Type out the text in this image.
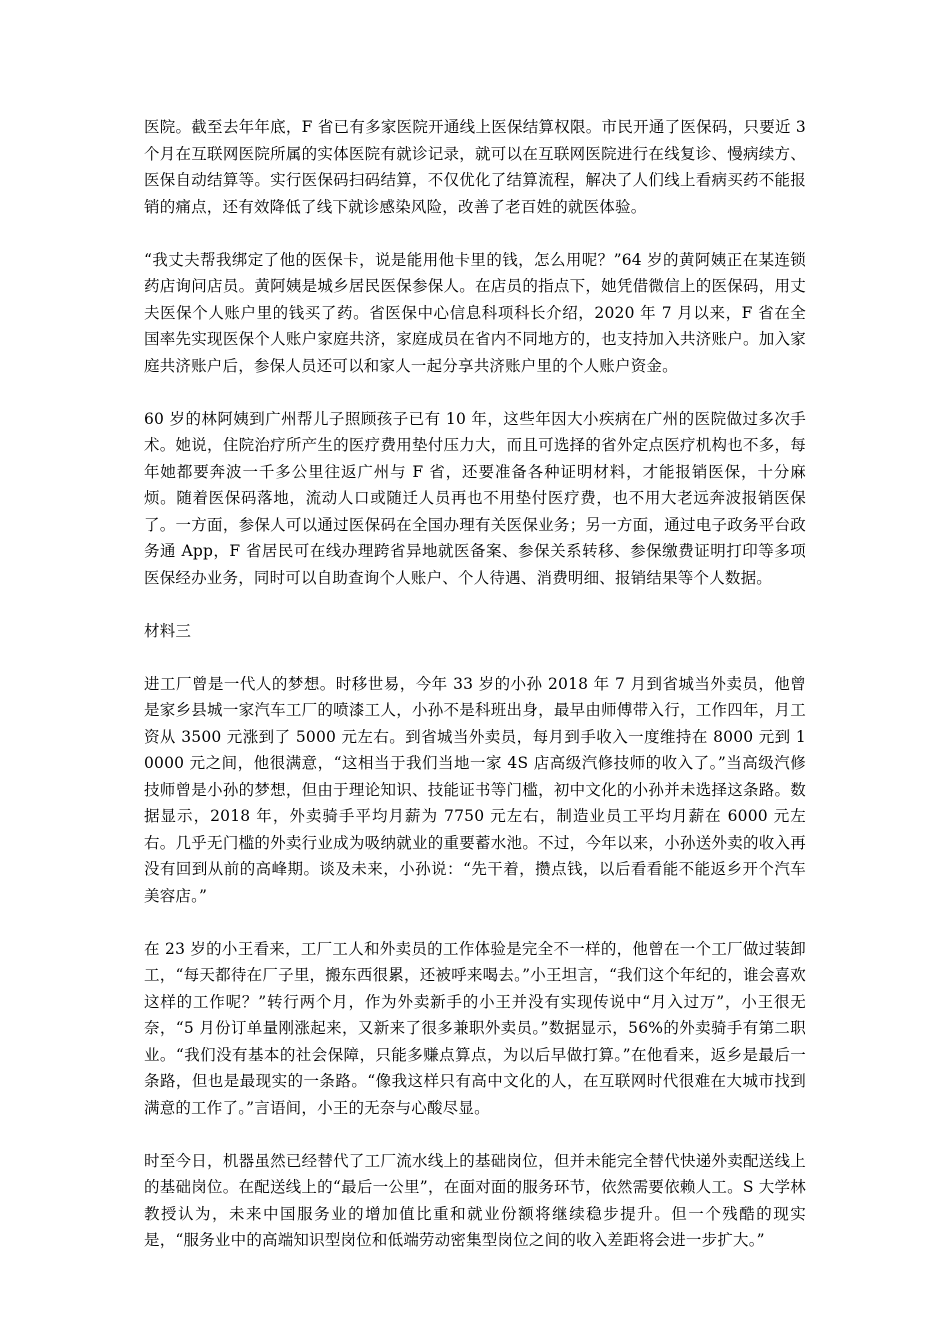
医院。截至去年年底，F 省已有多家医院开通线上医保结算权限。市民开通了医保码，只要近 3 个月在互联网医院所属的实体医院有就诊记录，就可以在互联网医院进行在线复诊、慢病续方、医保自动结算等。实行医保码扫码结算，不仅优化了结算流程，解决了人们线上看病买药不能报销的痛点，还有效降低了线下就诊感染风险，改善了老百姓的就医体验。

“我丈夫帮我绑定了他的医保卡，说是能用他卡里的钱，怎么用呢？”64 岁的黄阿姨正在某连锁药店询问店员。黄阿姨是城乡居民医保参保人。在店员的指点下，她凭借微信上的医保码，用丈夫医保个人账户里的钱买了药。省医保中心信息科项科长介绍，2020 年 7 月以来，F 省在全国率先实现医保个人账户家庭共济，家庭成员在省内不同地方的，也支持加入共济账户。加入家庭共济账户后，参保人员还可以和家人一起分享共济账户里的个人账户资金。

60 岁的林阿姨到广州帮儿子照顾孩子已有 10 年，这些年因大小疾病在广州的医院做过多次手术。她说，住院治疗所产生的医疗费用垫付压力大，而且可选择的省外定点医疗机构也不多，每年她都要奔波一千多公里往返广州与 F 省，还要准备各种证明材料，才能报销医保，十分麻烦。随着医保码落地，流动人口或随迁人员再也不用垫付医疗费，也不用大老远奔波报销医保了。一方面，参保人可以通过医保码在全国办理有关医保业务；另一方面，通过电子政务平台政务通 App，F 省居民可在线办理跨省异地就医备案、参保关系转移、参保缴费证明打印等多项医保经办业务，同时可以自助查询个人账户、个人待遇、消费明细、报销结果等个人数据。

材料三

进工厂曾是一代人的梦想。时移世易，今年 33 岁的小孙 2018 年 7 月到省城当外卖员，他曾是家乡县城一家汽车工厂的喷漆工人，小孙不是科班出身，最早由师傅带入行，工作四年，月工资从 3500 元涨到了 5000 元左右。到省城当外卖员，每月到手收入一度维持在 8000 元到 10000 元之间，他很满意，“这相当于我们当地一家 4S 店高级汽修技师的收入了。”当高级汽修技师曾是小孙的梦想，但由于理论知识、技能证书等门槛，初中文化的小孙并未选择这条路。数据显示，2018 年，外卖骑手平均月薪为 7750 元左右，制造业员工平均月薪在 6000 元左右。几乎无门槛的外卖行业成为吸纳就业的重要蓄水池。不过，今年以来，小孙送外卖的收入再没有回到从前的高峰期。谈及未来，小孙说：“先干着，攒点钱，以后看看能不能返乡开个汽车美容店。”

在 23 岁的小王看来，工厂工人和外卖员的工作体验是完全不一样的，他曾在一个工厂做过装卸工，“每天都待在厂子里，搬东西很累，还被呼来喝去。”小王坦言，“我们这个年纪的，谁会喜欢这样的工作呢？”转行两个月，作为外卖新手的小王并没有实现传说中“月入过万”，小王很无奈，“5 月份订单量刚涨起来，又新来了很多兼职外卖员。”数据显示，56%的外卖骑手有第二职业。“我们没有基本的社会保障，只能多赚点算点，为以后早做打算。”在他看来，返乡是最后一条路，但也是最现实的一条路。“像我这样只有高中文化的人，在互联网时代很难在大城市找到满意的工作了。”言语间，小王的无奈与心酸尽显。

时至今日，机器虽然已经替代了工厂流水线上的基础岗位，但并未能完全替代快递外卖配送线上的基础岗位。在配送线上的“最后一公里”，在面对面的服务环节，依然需要依赖人工。S 大学林教授认为，未来中国服务业的增加值比重和就业份额将继续稳步提升。但一个残酷的现实是，“服务业中的高端知识型岗位和低端劳动密集型岗位之间的收入差距将会进一步扩大。”
